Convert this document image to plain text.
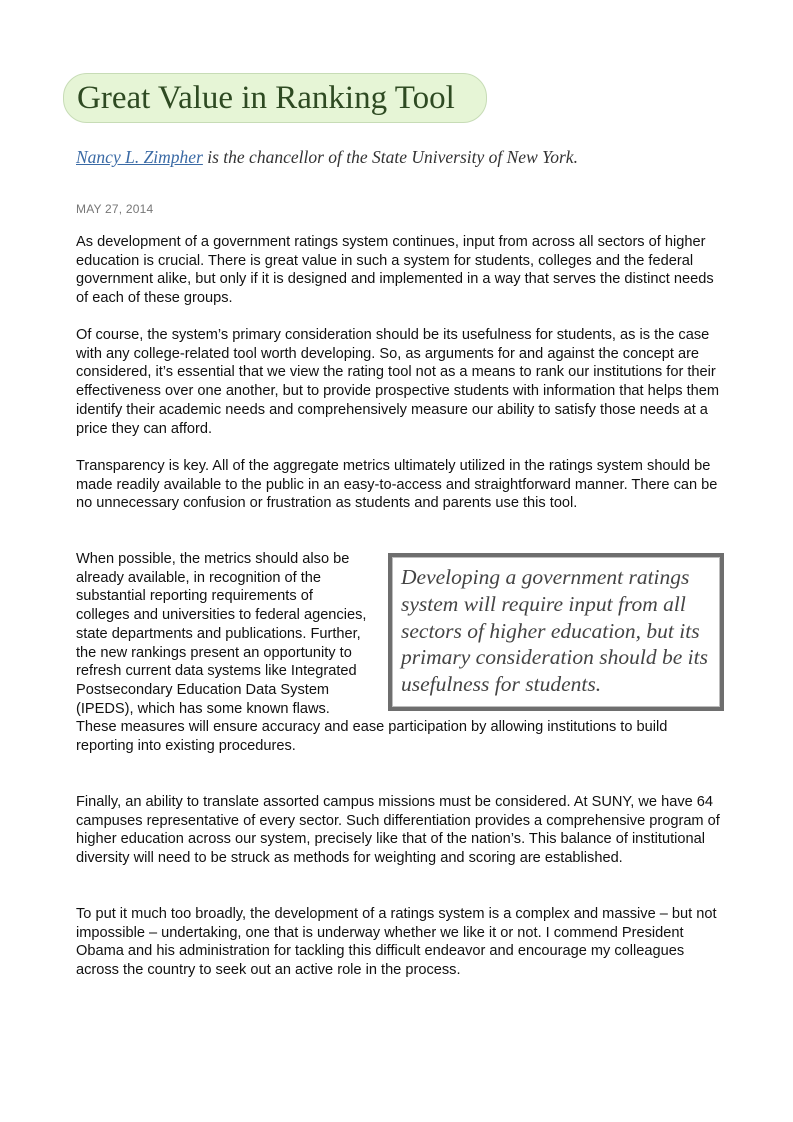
Great Value in Ranking Tool
Nancy L. Zimpher is the chancellor of the State University of New York.
MAY 27, 2014

As development of a government ratings system continues, input from across all sectors of higher education is crucial. There is great value in such a system for students, colleges and the federal government alike, but only if it is designed and implemented in a way that serves the distinct needs of each of these groups.

Of course, the system’s primary consideration should be its usefulness for students, as is the case with any college-related tool worth developing. So, as arguments for and against the concept are considered, it’s essential that we view the rating tool not as a means to rank our institutions for their effectiveness over one another, but to provide prospective students with information that helps them identify their academic needs and comprehensively measure our ability to satisfy those needs at a price they can afford.

Transparency is key. All of the aggregate metrics ultimately utilized in the ratings system should be made readily available to the public in an easy-to-access and straightforward manner. There can be no unnecessary confusion or frustration as students and parents use this tool.

Developing a government ratings system will require input from all sectors of higher education, but its primary consideration should be its usefulness for students.
When possible, the metrics should also be already available, in recognition of the substantial reporting requirements of colleges and universities to federal agencies, state departments and publications. Further, the new rankings present an opportunity to refresh current data systems like Integrated Postsecondary Education Data System (IPEDS), which has some known flaws. These measures will ensure accuracy and ease participation by allowing institutions to build reporting into existing procedures.

Finally, an ability to translate assorted campus missions must be considered. At SUNY, we have 64 campuses representative of every sector. Such differentiation provides a comprehensive program of higher education across our system, precisely like that of the nation’s. This balance of institutional diversity will need to be struck as methods for weighting and scoring are established.

To put it much too broadly, the development of a ratings system is a complex and massive – but not impossible – undertaking, one that is underway whether we like it or not. I commend President Obama and his administration for tackling this difficult endeavor and encourage my colleagues across the country to seek out an active role in the process.
